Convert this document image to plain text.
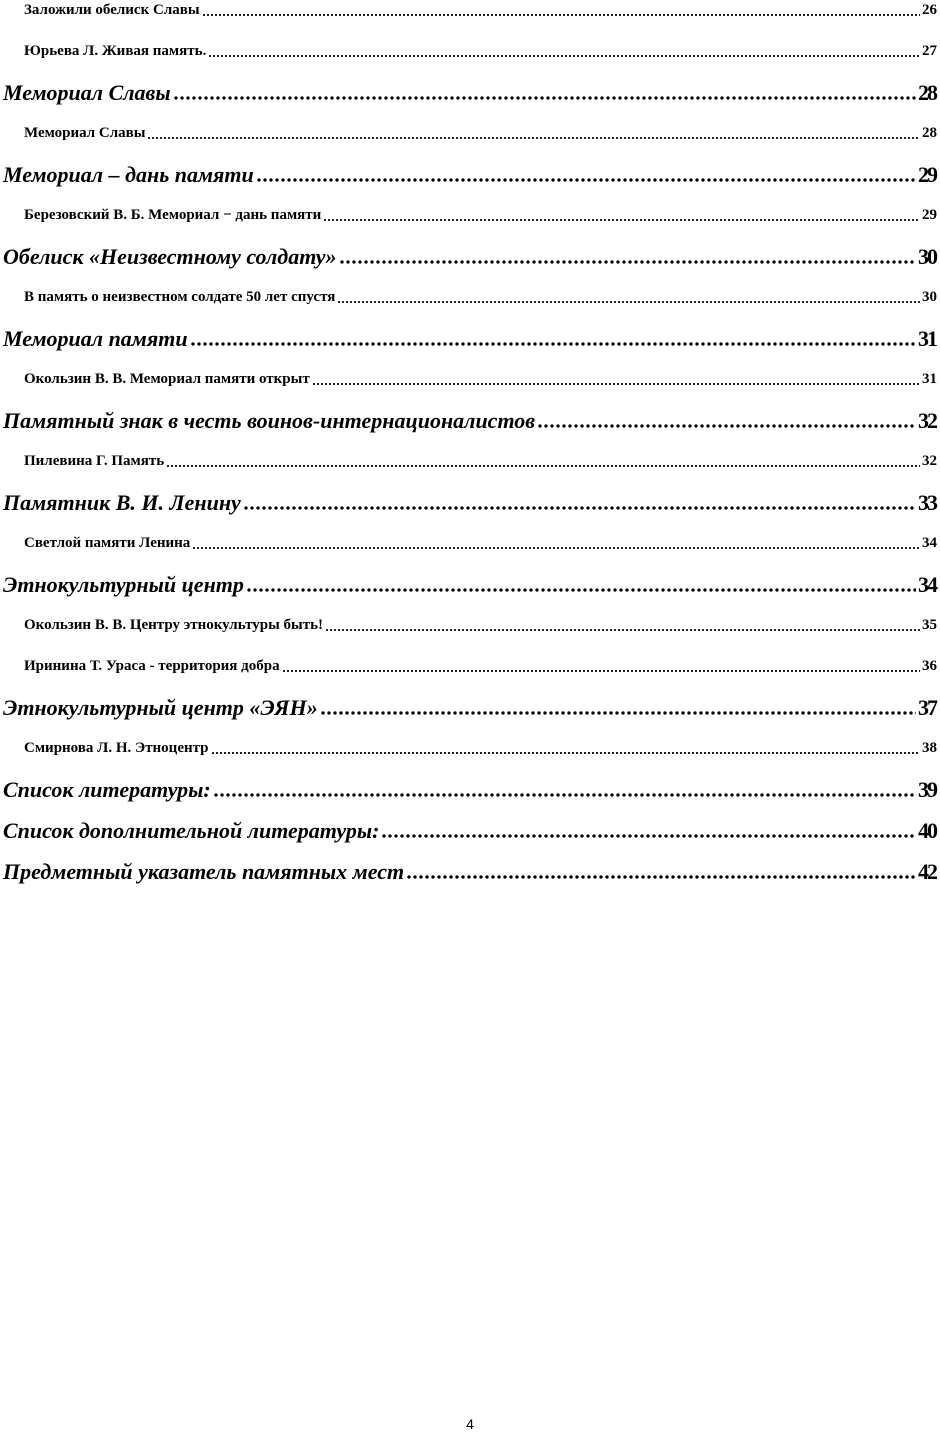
Заложили обелиск Славы	26
Юрьева Л. Живая память.	27
Мемориал Славы	28
Мемориал Славы	28
Мемориал – дань памяти	29
Березовский В. Б. Мемориал − дань памяти	29
Обелиск «Неизвестному солдату»	30
В память о неизвестном солдате 50 лет спустя	30
Мемориал памяти	31
Окользин В. В. Мемориал памяти открыт	31
Памятный знак в честь воинов-интернационалистов	32
Пилевина Г. Память	32
Памятник В. И. Ленину	33
Светлой памяти Ленина	34
Этнокультурный центр	34
Окользин В. В. Центру этнокультуры быть!	35
Иринина Т. Ураса - территория добра	36
Этнокультурный центр «ЭЯН»	37
Смирнова Л. Н. Этноцентр	38
Список литературы:	39
Список дополнительной литературы:	40
Предметный указатель памятных мест	42
4
